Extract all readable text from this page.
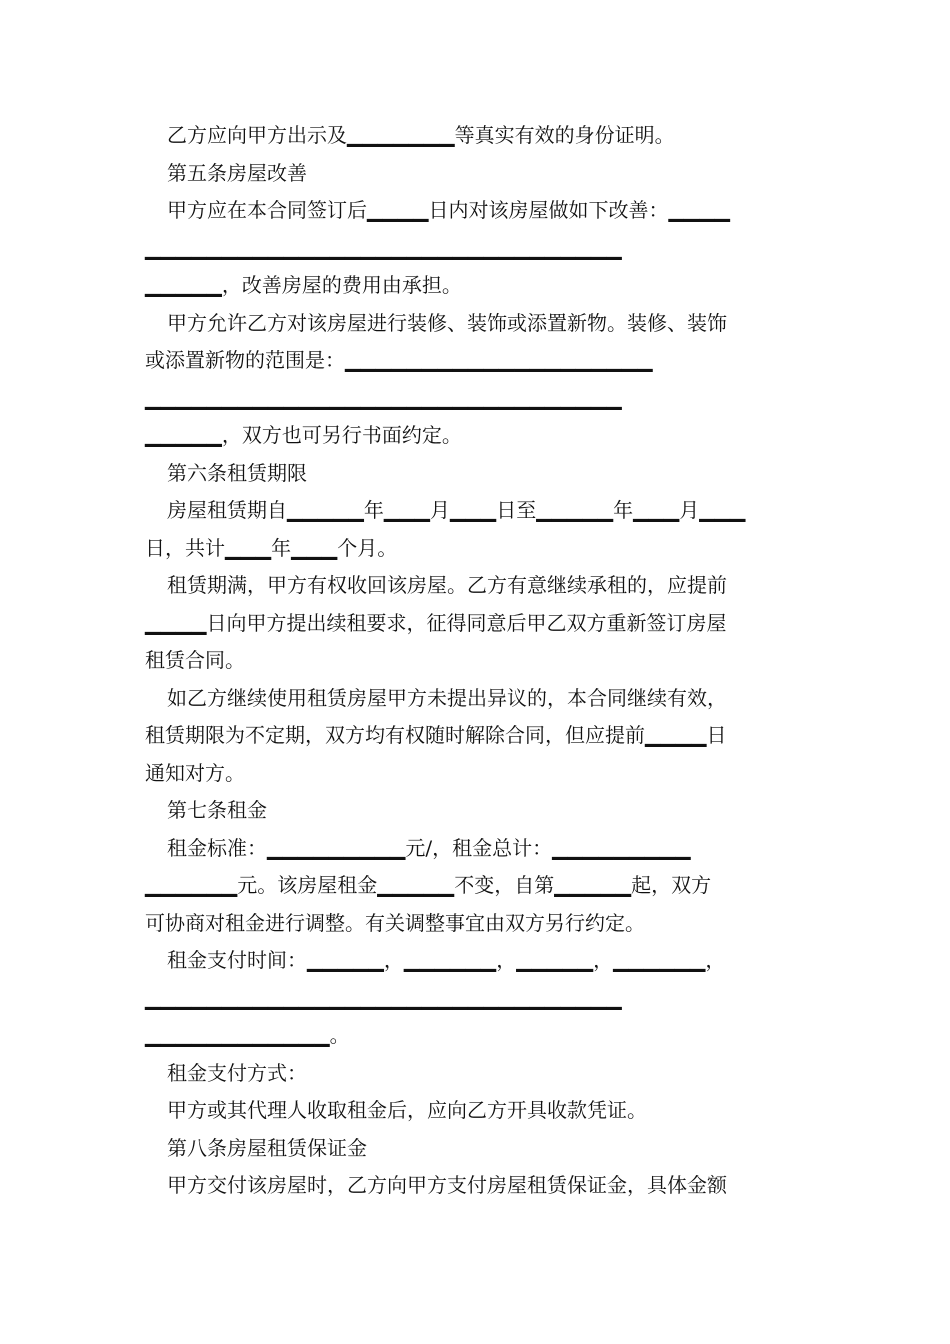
乙方应向甲方出示及▁▁▁▁▁▁▁等真实有效的身份证明。
第五条房屋改善
甲方应在本合同签订后▁▁▁▁日内对该房屋做如下改善：▁▁▁▁
▁▁▁▁▁▁▁▁▁▁▁▁▁▁▁▁▁▁▁▁▁▁▁▁▁▁▁▁▁▁▁
▁▁▁▁▁，改善房屋的费用由承担。
甲方允许乙方对该房屋进行装修、装饰或添置新物。装修、装饰
或添置新物的范围是：▁▁▁▁▁▁▁▁▁▁▁▁▁▁▁▁▁▁▁▁
▁▁▁▁▁▁▁▁▁▁▁▁▁▁▁▁▁▁▁▁▁▁▁▁▁▁▁▁▁▁▁
▁▁▁▁▁，双方也可另行书面约定。
第六条租赁期限
房屋租赁期自▁▁▁▁▁年▁▁▁月▁▁▁日至▁▁▁▁▁年▁▁▁月▁▁▁
日，共计▁▁▁年▁▁▁个月。
租赁期满，甲方有权收回该房屋。乙方有意继续承租的，应提前
▁▁▁▁日向甲方提出续租要求，征得同意后甲乙双方重新签订房屋
租赁合同。
如乙方继续使用租赁房屋甲方未提出异议的，本合同继续有效，
租赁期限为不定期，双方均有权随时解除合同，但应提前▁▁▁▁日
通知对方。
第七条租金
租金标准：▁▁▁▁▁▁▁▁▁元/，租金总计：▁▁▁▁▁▁▁▁▁
▁▁▁▁▁▁元。该房屋租金▁▁▁▁▁不变，自第▁▁▁▁▁起，双方
可协商对租金进行调整。有关调整事宜由双方另行约定。
租金支付时间：▁▁▁▁▁，▁▁▁▁▁▁，▁▁▁▁▁，▁▁▁▁▁▁，
▁▁▁▁▁▁▁▁▁▁▁▁▁▁▁▁▁▁▁▁▁▁▁▁▁▁▁▁▁▁▁
▁▁▁▁▁▁▁▁▁▁▁▁。
租金支付方式：
甲方或其代理人收取租金后，应向乙方开具收款凭证。
第八条房屋租赁保证金
甲方交付该房屋时，乙方向甲方支付房屋租赁保证金，具体金额
